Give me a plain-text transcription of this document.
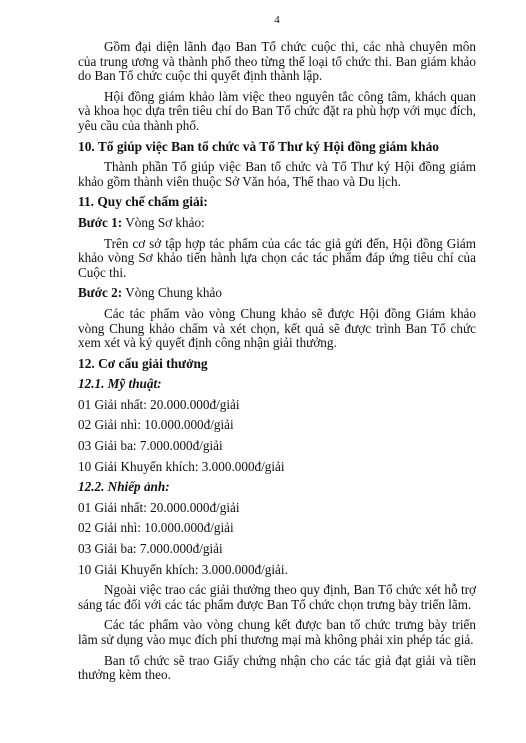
4

Gồm đại diện lãnh đạo Ban Tổ chức cuộc thi, các nhà chuyên môn của trung ương và thành phố theo từng thể loại tổ chức thi. Ban giám khảo do Ban Tổ chức cuộc thi quyết định thành lập.

Hội đồng giám khảo làm việc theo nguyên tắc công tâm, khách quan và khoa học dựa trên tiêu chí do Ban Tổ chức đặt ra phù hợp với mục đích, yêu cầu của thành phố.

10. Tổ giúp việc Ban tổ chức và Tổ Thư ký Hội đồng giám khảo

Thành phần Tổ giúp việc Ban tổ chức và Tổ Thư ký Hội đồng giám khảo gồm thành viên thuộc Sở Văn hóa, Thể thao và Du lịch.

11. Quy chế chấm giải:

Bước 1: Vòng Sơ khảo:

Trên cơ sở tập hợp tác phẩm của các tác giả gửi đến, Hội đồng Giám khảo vòng Sơ khảo tiến hành lựa chọn các tác phẩm đáp ứng tiêu chí của Cuộc thi.

Bước 2: Vòng Chung khảo

Các tác phẩm vào vòng Chung khảo sẽ được Hội đồng Giám khảo vòng Chung khảo chấm và xét chọn, kết quả sẽ được trình Ban Tổ chức xem xét và ký quyết định công nhận giải thưởng.

12. Cơ cấu giải thưởng
12.1. Mỹ thuật:
01 Giải nhất: 20.000.000đ/giải
02 Giải nhì: 10.000.000đ/giải
03 Giải ba: 7.000.000đ/giải
10 Giải Khuyến khích: 3.000.000đ/giải
12.2. Nhiếp ảnh:
01 Giải nhất: 20.000.000đ/giải
02 Giải nhì: 10.000.000đ/giải
03 Giải ba: 7.000.000đ/giải
10 Giải Khuyến khích: 3.000.000đ/giải.

Ngoài việc trao các giải thưởng theo quy định, Ban Tổ chức xét hỗ trợ sáng tác đối với các tác phẩm được Ban Tổ chức chọn trưng bày triển lãm.

Các tác phẩm vào vòng chung kết được ban tổ chức trưng bày triển lãm sử dụng vào mục đích phi thương mại mà không phải xin phép tác giả.

Ban tổ chức sẽ trao Giấy chứng nhận cho các tác giả đạt giải và tiền thưởng kèm theo.
